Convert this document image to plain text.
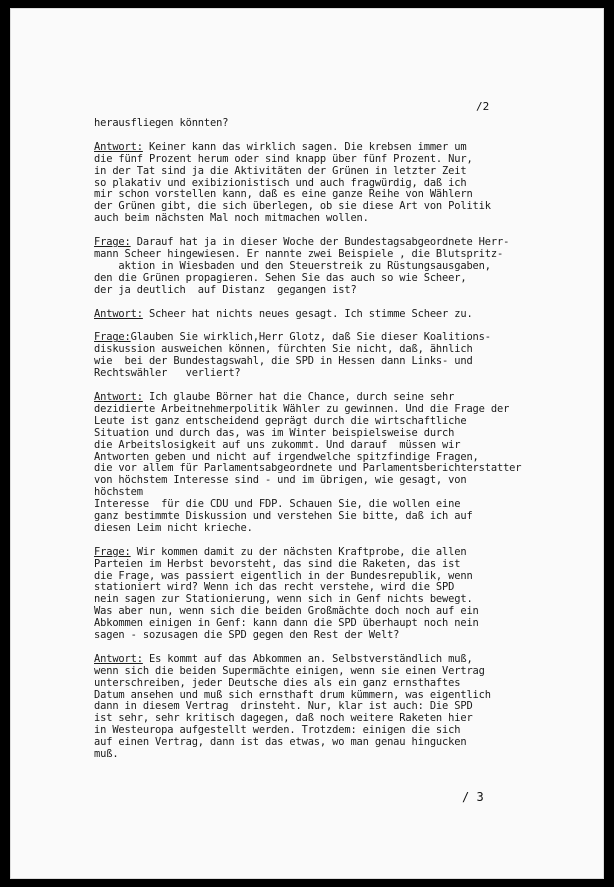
/2
herausfliegen könnten?
Antwort: Keiner kann das wirklich sagen. Die krebsen immer um
die fünf Prozent herum oder sind knapp über fünf Prozent. Nur,
in der Tat sind ja die Aktivitäten der Grünen in letzter Zeit
so plakativ und exibizionistisch und auch fragwürdig, daß ich
mir schon vorstellen kann, daß es eine ganze Reihe von Wählern
der Grünen gibt, die sich überlegen, ob sie diese Art von Politik
auch beim nächsten Mal noch mitmachen wollen.
Frage: Darauf hat ja in dieser Woche der Bundestagsabgeordnete Herr-
mann Scheer hingewiesen. Er nannte zwei Beispiele , die Blutspritz-
aktion in Wiesbaden und den Steuerstreik zu Rüstungsausgaben,
den die Grünen propagieren. Sehen Sie das auch so wie Scheer,
der ja deutlich  auf Distanz  gegangen ist?
Antwort: Scheer hat nichts neues gesagt. Ich stimme Scheer zu.
Frage:Glauben Sie wirklich,Herr Glotz, daß Sie dieser Koalitions-
diskussion ausweichen können, fürchten Sie nicht, daß, ähnlich
wie  bei der Bundestagswahl, die SPD in Hessen dann Links- und
Rechtswähler   verliert?
Antwort: Ich glaube Börner hat die Chance, durch seine sehr
dezidierte Arbeitnehmerpolitik Wähler zu gewinnen. Und die Frage der
Leute ist ganz entscheidend geprägt durch die wirtschaftliche
Situation und durch das, was im Winter beispielsweise durch
die Arbeitslosigkeit auf uns zukommt. Und darauf  müssen wir
Antworten geben und nicht auf irgendwelche spitzfindige Fragen,
die vor allem für Parlamentsabgeordnete und Parlamentsberichterstatter
von höchstem Interesse sind - und im übrigen, wie gesagt, von
höchstem
Interesse  für die CDU und FDP. Schauen Sie, die wollen eine
ganz bestimmte Diskussion und verstehen Sie bitte, daß ich auf
diesen Leim nicht krieche.
Frage: Wir kommen damit zu der nächsten Kraftprobe, die allen
Parteien im Herbst bevorsteht, das sind die Raketen, das ist
die Frage, was passiert eigentlich in der Bundesrepublik, wenn
stationiert wird? Wenn ich das recht verstehe, wird die SPD
nein sagen zur Stationierung, wenn sich in Genf nichts bewegt.
Was aber nun, wenn sich die beiden Großmächte doch noch auf ein
Abkommen einigen in Genf: kann dann die SPD überhaupt noch nein
sagen - sozusagen die SPD gegen den Rest der Welt?
Antwort: Es kommt auf das Abkommen an. Selbstverständlich muß,
wenn sich die beiden Supermächte einigen, wenn sie einen Vertrag
unterschreiben, jeder Deutsche dies als ein ganz ernsthaftes
Datum ansehen und muß sich ernsthaft drum kümmern, was eigentlich
dann in diesem Vertrag  drinsteht. Nur, klar ist auch: Die SPD
ist sehr, sehr kritisch dagegen, daß noch weitere Raketen hier
in Westeuropa aufgestellt werden. Trotzdem: einigen die sich
auf einen Vertrag, dann ist das etwas, wo man genau hingucken
muß.
/ 3
